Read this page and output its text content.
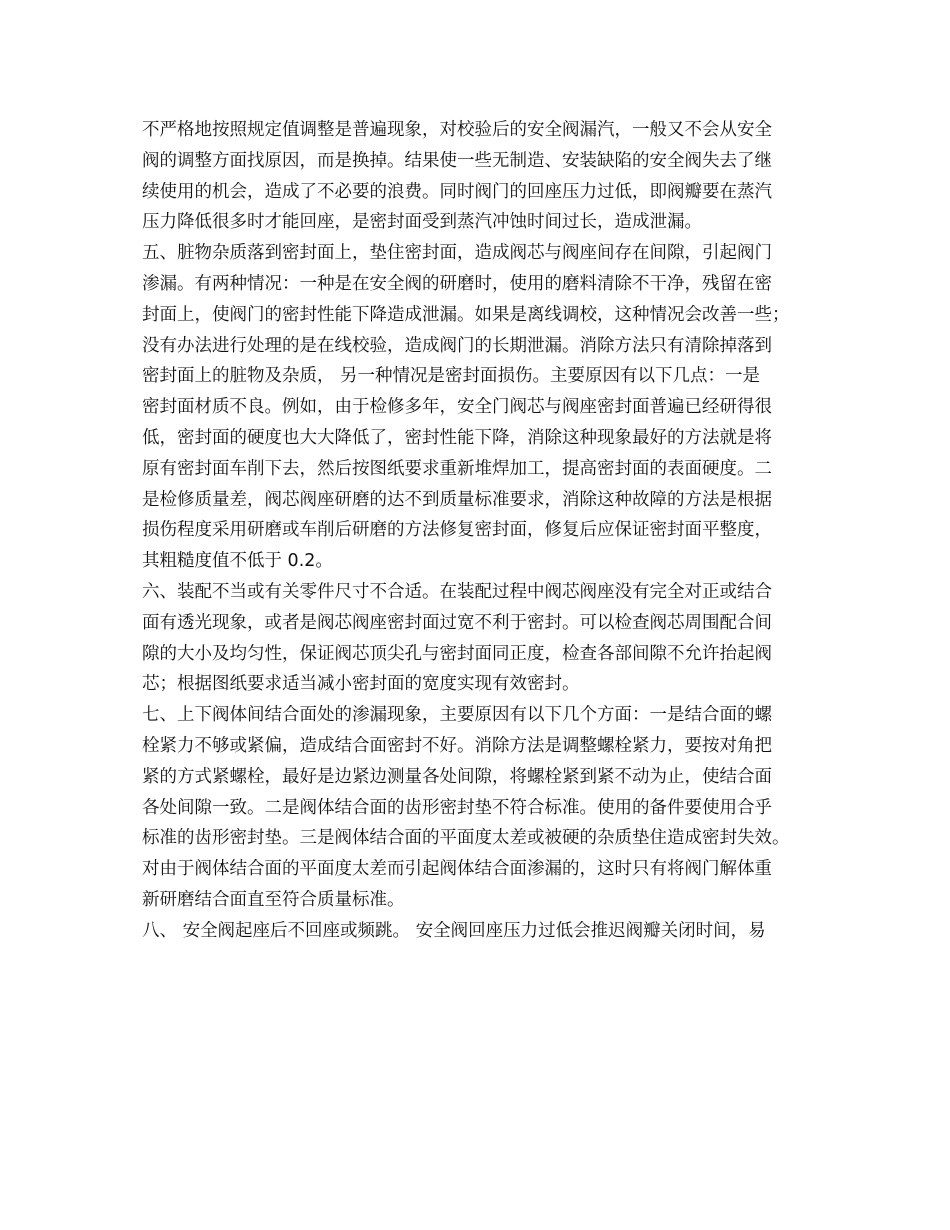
不严格地按照规定值调整是普遍现象，对校验后的安全阀漏汽，一般又不会从安全
阀的调整方面找原因，而是换掉。结果使一些无制造、安装缺陷的安全阀失去了继
续使用的机会，造成了不必要的浪费。同时阀门的回座压力过低，即阀瓣要在蒸汽
压力降低很多时才能回座，是密封面受到蒸汽冲蚀时间过长，造成泄漏。
五、脏物杂质落到密封面上，垫住密封面，造成阀芯与阀座间存在间隙，引起阀门
渗漏。有两种情况：一种是在安全阀的研磨时，使用的磨料清除不干净，残留在密
封面上，使阀门的密封性能下降造成泄漏。如果是离线调校，这种情况会改善一些；
没有办法进行处理的是在线校验，造成阀门的长期泄漏。消除方法只有清除掉落到
密封面上的脏物及杂质， 另一种情况是密封面损伤。主要原因有以下几点：一是
密封面材质不良。例如，由于检修多年，安全门阀芯与阀座密封面普遍已经研得很
低，密封面的硬度也大大降低了，密封性能下降，消除这种现象最好的方法就是将
原有密封面车削下去，然后按图纸要求重新堆焊加工，提高密封面的表面硬度。二
是检修质量差，阀芯阀座研磨的达不到质量标准要求，消除这种故障的方法是根据
损伤程度采用研磨或车削后研磨的方法修复密封面，修复后应保证密封面平整度，
其粗糙度值不低于 0.2。
六、装配不当或有关零件尺寸不合适。在装配过程中阀芯阀座没有完全对正或结合
面有透光现象，或者是阀芯阀座密封面过宽不利于密封。可以检查阀芯周围配合间
隙的大小及均匀性，保证阀芯顶尖孔与密封面同正度，检查各部间隙不允许抬起阀
芯；根据图纸要求适当减小密封面的宽度实现有效密封。
七、上下阀体间结合面处的渗漏现象，主要原因有以下几个方面：一是结合面的螺
栓紧力不够或紧偏，造成结合面密封不好。消除方法是调整螺栓紧力，要按对角把
紧的方式紧螺栓，最好是边紧边测量各处间隙，将螺栓紧到紧不动为止，使结合面
各处间隙一致。二是阀体结合面的齿形密封垫不符合标准。使用的备件要使用合乎
标准的齿形密封垫。三是阀体结合面的平面度太差或被硬的杂质垫住造成密封失效。
对由于阀体结合面的平面度太差而引起阀体结合面渗漏的，这时只有将阀门解体重
新研磨结合面直至符合质量标准。
八、 安全阀起座后不回座或频跳。 安全阀回座压力过低会推迟阀瓣关闭时间，易
